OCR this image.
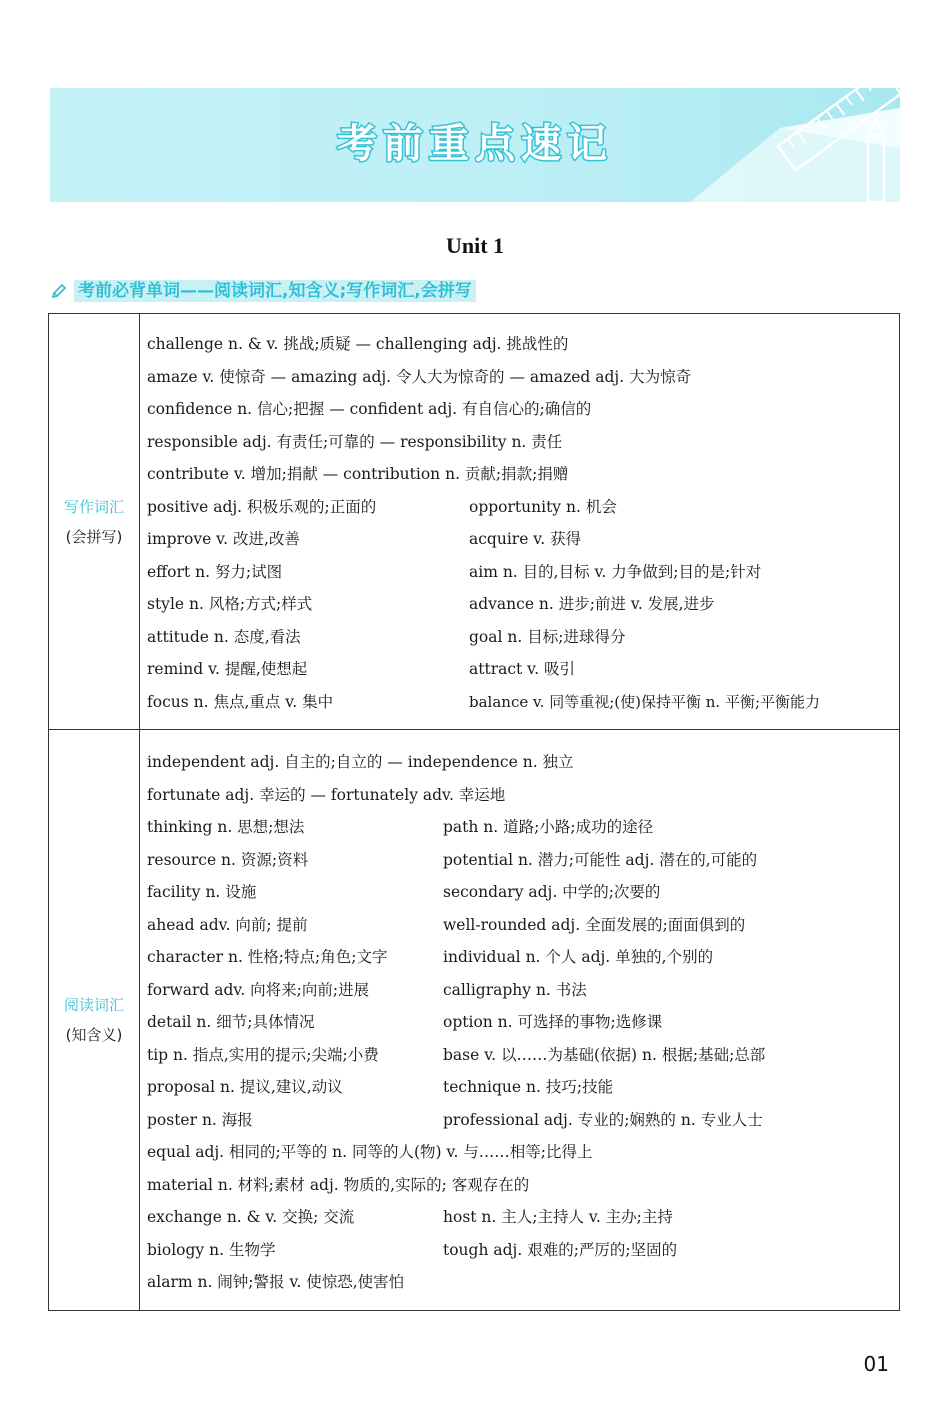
考前重点速记
Unit 1
考前必背单词——阅读词汇,知含义;写作词汇,会拼写
写作词汇
(会拼写)
challenge n. & v. 挑战;质疑 — challenging adj. 挑战性的
amaze v. 使惊奇 — amazing adj. 令人大为惊奇的 — amazed adj. 大为惊奇
confidence n. 信心;把握 — confident adj. 有自信心的;确信的
responsible adj. 有责任;可靠的 — responsibility n. 责任
contribute v. 增加;捐献 — contribution n. 贡献;捐款;捐赠
positive adj. 积极乐观的;正面的
improve v. 改进,改善
effort n. 努力;试图
style n. 风格;方式;样式
attitude n. 态度,看法
remind v. 提醒,使想起
focus n. 焦点,重点 v. 集中
opportunity n. 机会
acquire v. 获得
aim n. 目的,目标 v. 力争做到;目的是;针对
advance n. 进步;前进 v. 发展,进步
goal n. 目标;进球得分
attract v. 吸引
balance v. 同等重视;(使)保持平衡 n. 平衡;平衡能力
阅读词汇
(知含义)
independent adj. 自主的;自立的 — independence n. 独立
fortunate adj. 幸运的 — fortunately adv. 幸运地
thinking n. 思想;想法
resource n. 资源;资料
facility n. 设施
ahead adv. 向前; 提前
character n. 性格;特点;角色;文字
forward adv. 向将来;向前;进展
detail n. 细节;具体情况
tip n. 指点,实用的提示;尖端;小费
proposal n. 提议,建议,动议
poster n. 海报
path n. 道路;小路;成功的途径
potential n. 潜力;可能性 adj. 潜在的,可能的
secondary adj. 中学的;次要的
well-rounded adj. 全面发展的;面面俱到的
individual n. 个人 adj. 单独的,个别的
calligraphy n. 书法
option n. 可选择的事物;选修课
base v. 以……为基础(依据) n. 根据;基础;总部
technique n. 技巧;技能
professional adj. 专业的;娴熟的 n. 专业人士
equal adj. 相同的;平等的 n. 同等的人(物) v. 与……相等;比得上
material n. 材料;素材 adj. 物质的,实际的; 客观存在的
exchange n. & v. 交换; 交流
biology n. 生物学
host n. 主人;主持人 v. 主办;主持
tough adj. 艰难的;严厉的;坚固的
alarm n. 闹钟;警报 v. 使惊恐,使害怕
01
